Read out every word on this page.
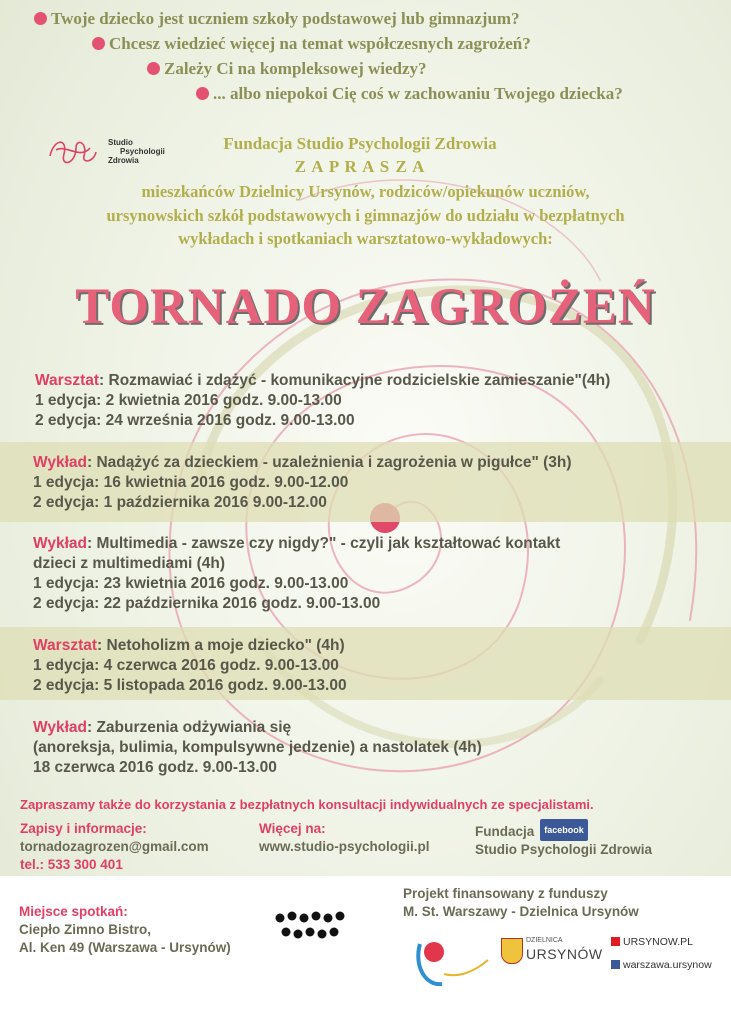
Twoje dziecko jest uczniem szkoły podstawowej lub gimnazjum?
Chcesz wiedzieć więcej na temat współczesnych zagrożeń?
Zależy Ci na kompleksowej wiedzy?
... albo niepokoi Cię coś w zachowaniu Twojego dziecka?
Studio
Psychologii
Zdrowia
Fundacja Studio Psychologii Zdrowia
Z A P R A S Z A
mieszkańców Dzielnicy Ursynów, rodziców/opiekunów uczniów,
ursynowskich szkół podstawowych i gimnazjów do udziału w bezpłatnych
wykładach i spotkaniach warsztatowo-wykładowych:
TORNADO ZAGROŻEŃ
Warsztat: Rozmawiać i zdążyć - komunikacyjne rodzicielskie zamieszanie"(4h)
1 edycja: 2 kwietnia 2016 godz. 9.00-13.00
2 edycja: 24 września 2016 godz. 9.00-13.00
Wykład: Nadążyć za dzieckiem - uzależnienia i zagrożenia w pigułce" (3h)
1 edycja: 16 kwietnia 2016 godz. 9.00-12.00
2 edycja: 1 października 2016 9.00-12.00
Wykład: Multimedia - zawsze czy nigdy?" - czyli jak kształtować kontakt
dzieci z multimediami (4h)
1 edycja: 23 kwietnia 2016 godz. 9.00-13.00
2 edycja: 22 października 2016 godz. 9.00-13.00
Warsztat: Netoholizm a moje dziecko" (4h)
1 edycja: 4 czerwca 2016 godz. 9.00-13.00
2 edycja: 5 listopada 2016 godz. 9.00-13.00
Wykład: Zaburzenia odżywiania się
(anoreksja, bulimia, kompulsywne jedzenie) a nastolatek (4h)
18 czerwca 2016 godz. 9.00-13.00
Zapraszamy także do korzystania z bezpłatnych konsultacji indywidualnych ze specjalistami.
Zapisy i informacje:
tornadozagrozen@gmail.com
tel.: 533 300 401
Więcej na:
www.studio-psychologii.pl
Fundacja facebook
Studio Psychologii Zdrowia
Miejsce spotkań:
Ciepło Zimno Bistro,
Al. Ken 49 (Warszawa - Ursynów)
Projekt finansowany z funduszy
M. St. Warszawy - Dzielnica Ursynów
DZIELNICA
URSYNÓW
URSYNOW.PL
warszawa.ursynow
